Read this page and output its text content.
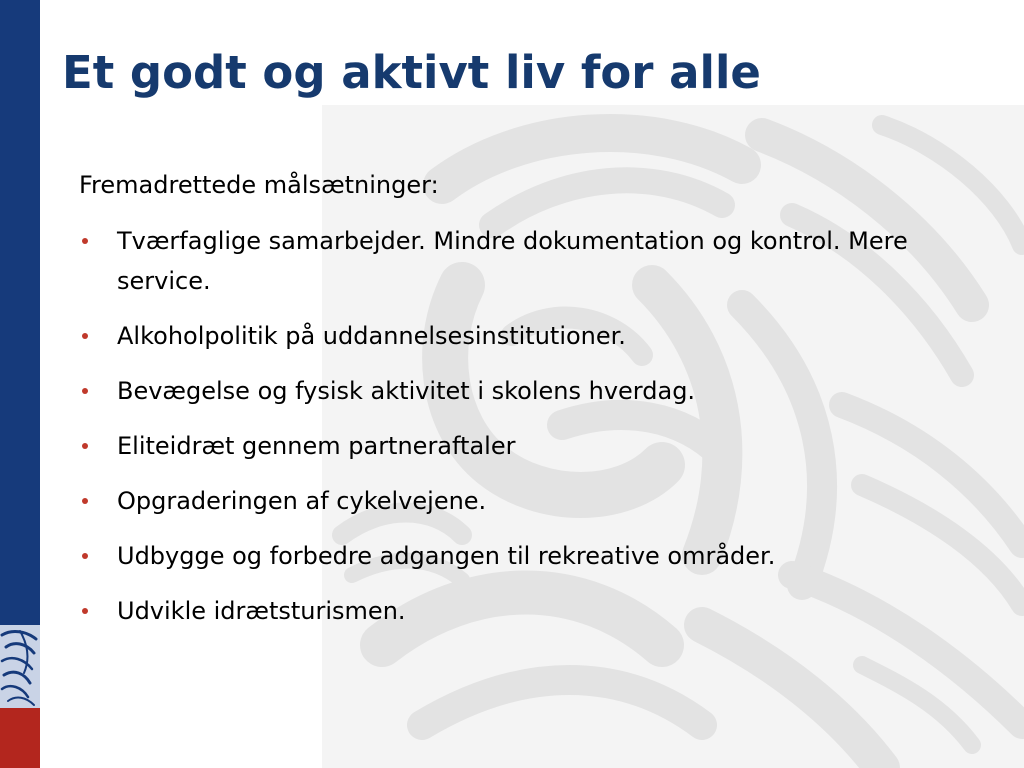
Et godt og aktivt liv for alle

Fremadrettede målsætninger:

Tværfaglige samarbejder. Mindre dokumentation og kontrol. Mere service.
Alkoholpolitik på uddannelsesinstitutioner.
Bevægelse og fysisk aktivitet i skolens hverdag.
Eliteidræt gennem partneraftaler
Opgraderingen af cykelvejene.
Udbygge og forbedre adgangen til rekreative områder.
Udvikle idrætsturismen.
